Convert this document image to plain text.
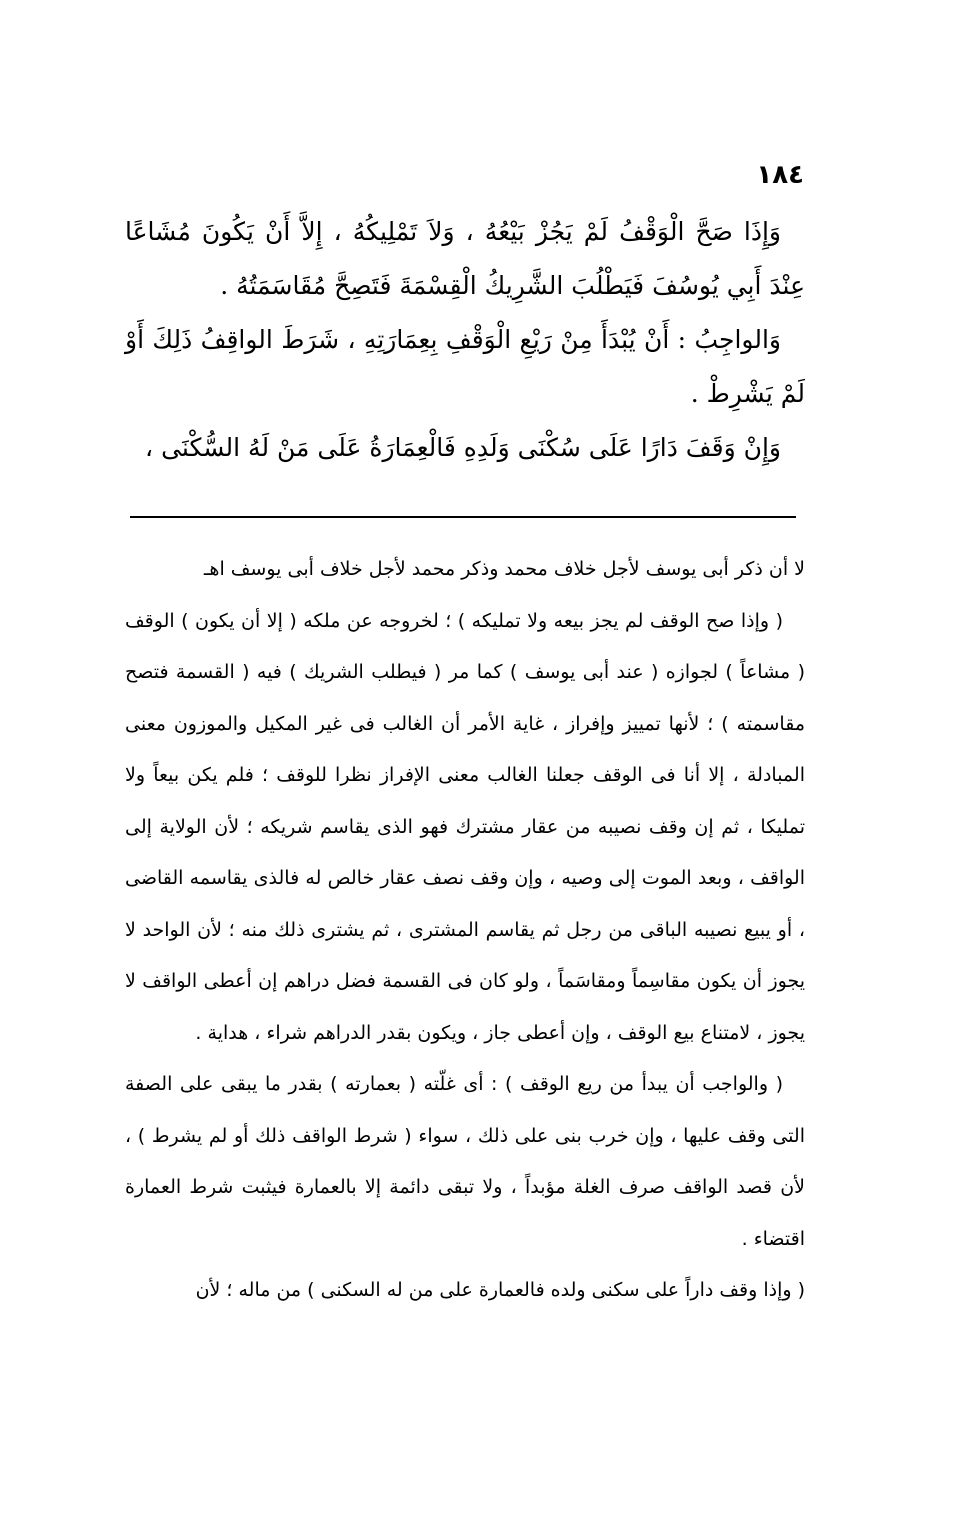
١٨٤

وَإِذَا صَحَّ الْوَقْفُ لَمْ يَجُزْ بَيْعُهُ ، وَلاَ تَمْلِيكُهُ ، إِلاَّ أَنْ يَكُونَ مُشَاعًا عِنْدَ أَبِي يُوسُفَ فَيَطْلُبَ الشَّرِيكُ الْقِسْمَةَ فَتَصِحَّ مُقَاسَمَتُهُ .

وَالواجِبُ : أَنْ يُبْدَأَ مِنْ رَيْعِ الْوَقْفِ بِعِمَارَتِهِ ، شَرَطَ الواقِفُ ذَلِكَ أَوْ لَمْ يَشْرِطْ .

وَإِنْ وَقَفَ دَارًا عَلَى سُكْنَى وَلَدِهِ فَالْعِمَارَةُ عَلَى مَنْ لَهُ السُّكْنَى ،

لا أن ذكر أبى يوسف لأجل خلاف محمد وذكر محمد لأجل خلاف أبى يوسف اهـ

( وإذا صح الوقف لم يجز بيعه ولا تمليكه ) ؛ لخروجه عن ملكه ( إلا أن يكون ) الوقف ( مشاعاً ) لجوازه ( عند أبى يوسف ) كما مر ( فيطلب الشريك ) فيه ( القسمة فتصح مقاسمته ) ؛ لأنها تمييز وإفراز ، غاية الأمر أن الغالب فى غير المكيل والموزون معنى المبادلة ، إلا أنا فى الوقف جعلنا الغالب معنى الإفراز نظرا للوقف ؛ فلم يكن بيعاً ولا تمليكا ، ثم إن وقف نصيبه من عقار مشترك فهو الذى يقاسم شريكه ؛ لأن الولاية إلى الواقف ، وبعد الموت إلى وصيه ، وإن وقف نصف عقار خالص له فالذى يقاسمه القاضى ، أو يبيع نصيبه الباقى من رجل ثم يقاسم المشترى ، ثم يشترى ذلك منه ؛ لأن الواحد لا يجوز أن يكون مقاسِماً ومقاسَماً ، ولو كان فى القسمة فضل دراهم إن أعطى الواقف لا يجوز ، لامتناع بيع الوقف ، وإن أعطى جاز ، ويكون بقدر الدراهم شراء ، هداية .

( والواجب أن يبدأ من ريع الوقف ) : أى غلّته ( بعمارته ) بقدر ما يبقى على الصفة التى وقف عليها ، وإن خرب بنى على ذلك ، سواء ( شرط الواقف ذلك أو لم يشرط ) ، لأن قصد الواقف صرف الغلة مؤبداً ، ولا تبقى دائمة إلا بالعمارة فيثبت شرط العمارة اقتضاء .

( وإذا وقف داراً على سكنى ولده فالعمارة على من له السكنى ) من ماله ؛ لأن
